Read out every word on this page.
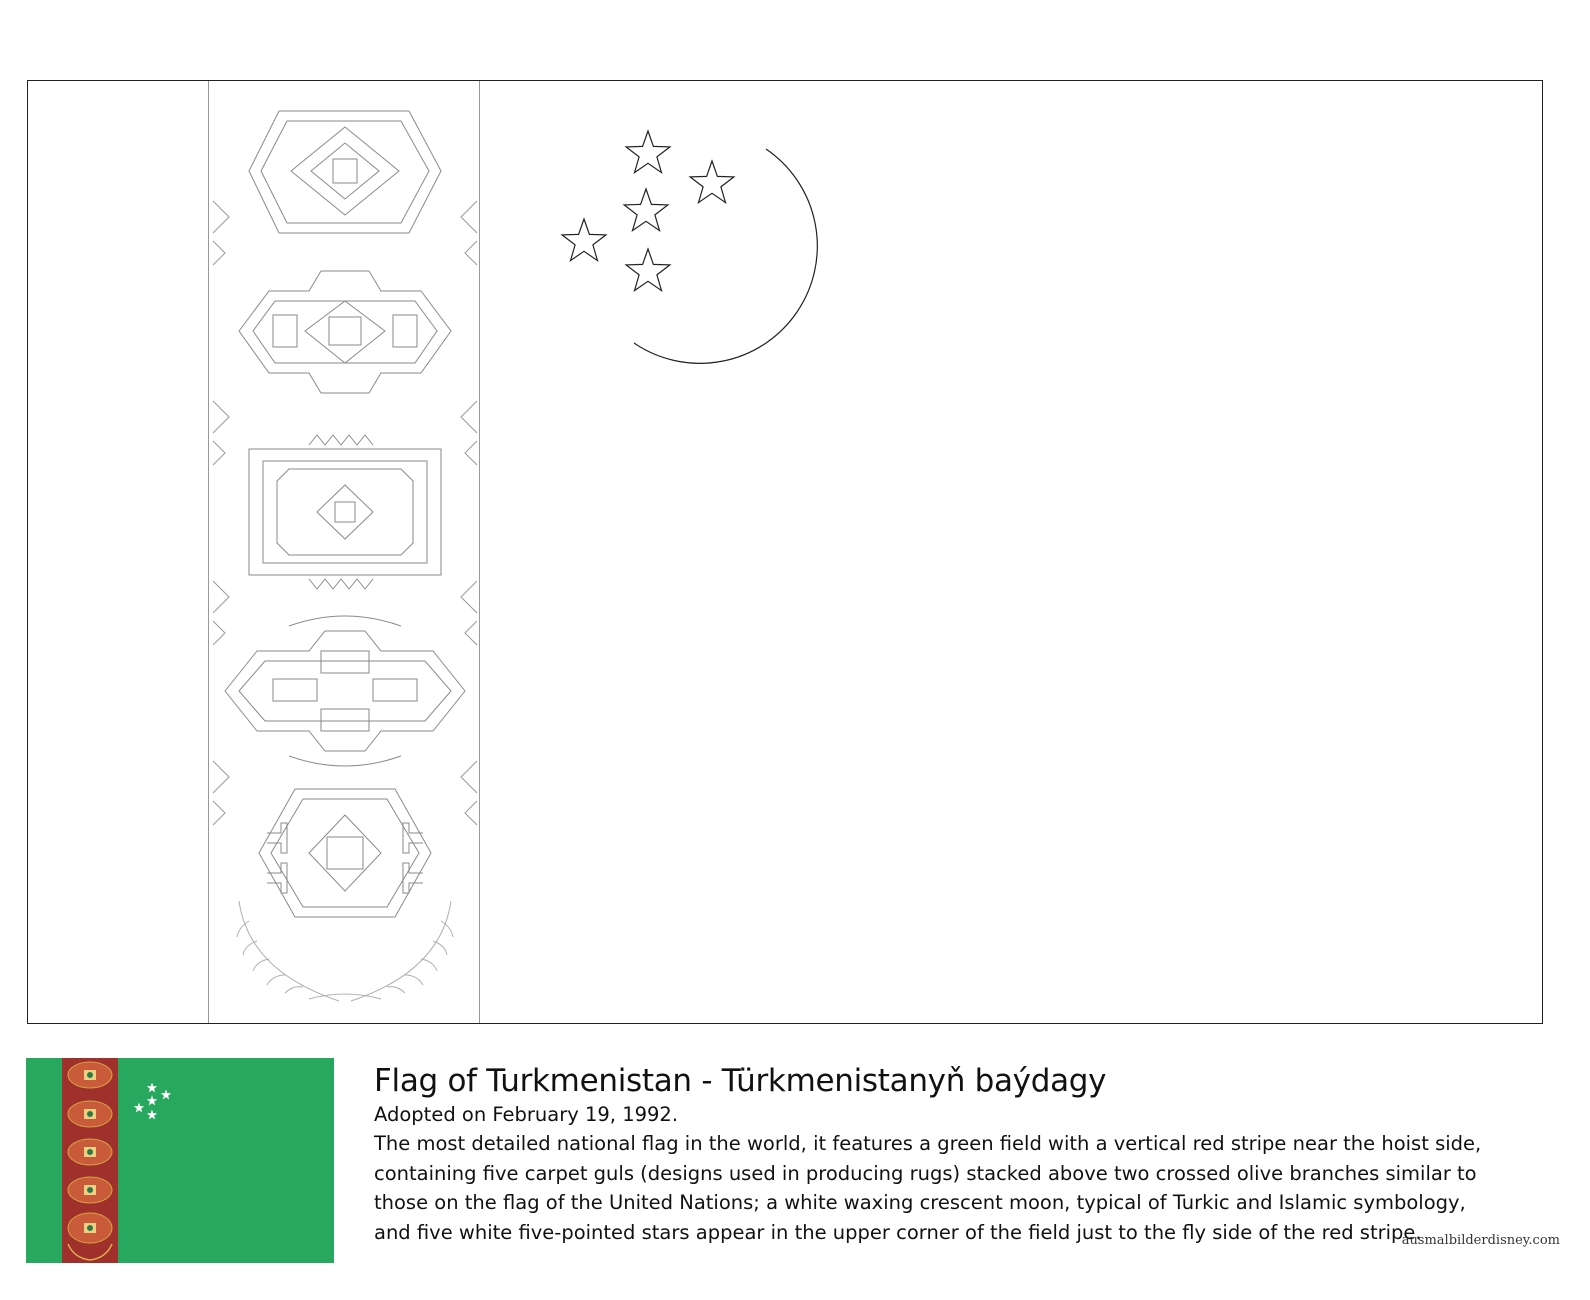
Flag of Turkmenistan - Türkmenistanyň baýdagy

Adopted on February 19, 1992.

The most detailed national flag in the world, it features a green field with a vertical red stripe near the hoist side,
containing five carpet guls (designs used in producing rugs) stacked above two crossed olive branches similar to
those on the flag of the United Nations; a white waxing crescent moon, typical of Turkic and Islamic symbology,
and five white five-pointed stars appear in the upper corner of the field just to the fly side of the red stripe.

ausmalbilderdisney.com
